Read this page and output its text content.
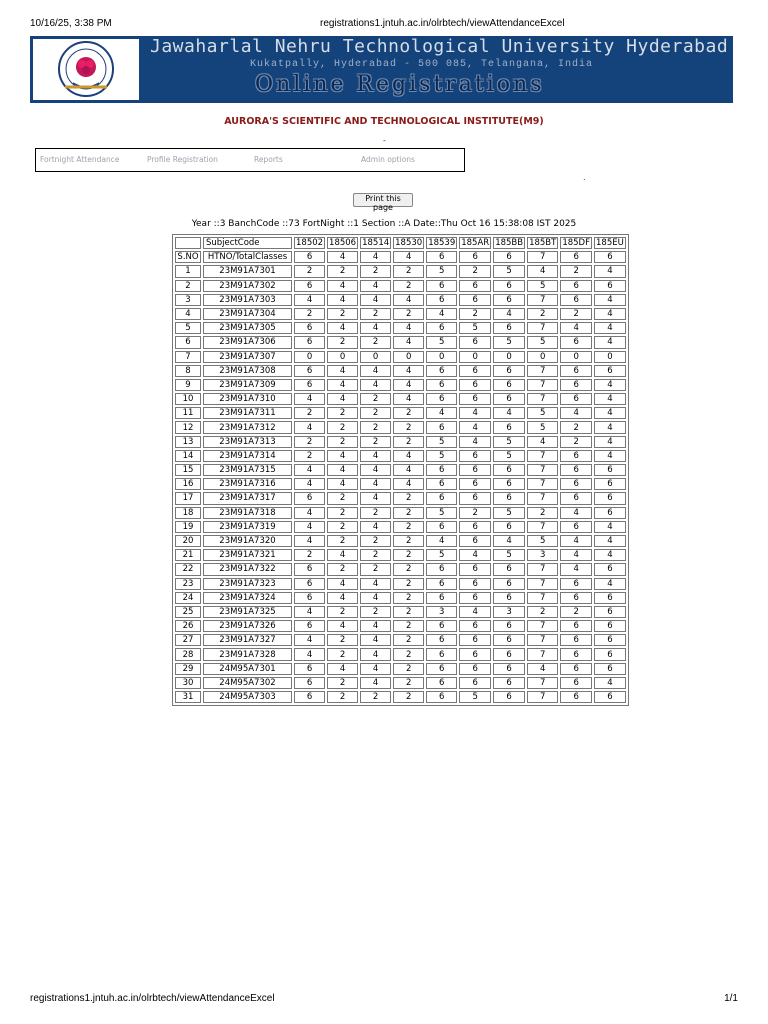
10/16/25, 3:38 PM	registrations1.jntuh.ac.in/olrbtech/viewAttendanceExcel
Jawaharlal Nehru Technological University Hyderabad
Kukatpally, Hyderabad - 500 085, Telangana, India
Online Registrations
AURORA'S SCIENTIFIC AND TECHNOLOGICAL INSTITUTE(M9)
-
.
Fortnight Attendance	Profile Registration	Reports	Admin options
Print this page
Year ::3 BanchCode ::73 FortNight ::1 Section ::A Date::Thu Oct 16 15:38:08 IST 2025
	SubjectCode	18502	18506	18514	18530	18539	185AR	185BB	185BT	185DF	185EU
S.NO	HTNO/TotalClasses	6	4	4	4	6	6	6	7	6	6
1	23M91A7301	2	2	2	2	5	2	5	4	2	4
2	23M91A7302	6	4	4	2	6	6	6	5	6	6
3	23M91A7303	4	4	4	4	6	6	6	7	6	4
4	23M91A7304	2	2	2	2	4	2	4	2	2	4
5	23M91A7305	6	4	4	4	6	5	6	7	4	4
6	23M91A7306	6	2	2	4	5	6	5	5	6	4
7	23M91A7307	0	0	0	0	0	0	0	0	0	0
8	23M91A7308	6	4	4	4	6	6	6	7	6	6
9	23M91A7309	6	4	4	4	6	6	6	7	6	4
10	23M91A7310	4	4	2	4	6	6	6	7	6	4
11	23M91A7311	2	2	2	2	4	4	4	5	4	4
12	23M91A7312	4	2	2	2	6	4	6	5	2	4
13	23M91A7313	2	2	2	2	5	4	5	4	2	4
14	23M91A7314	2	4	4	4	5	6	5	7	6	4
15	23M91A7315	4	4	4	4	6	6	6	7	6	6
16	23M91A7316	4	4	4	4	6	6	6	7	6	6
17	23M91A7317	6	2	4	2	6	6	6	7	6	6
18	23M91A7318	4	2	2	2	5	2	5	2	4	6
19	23M91A7319	4	2	4	2	6	6	6	7	6	4
20	23M91A7320	4	2	2	2	4	6	4	5	4	4
21	23M91A7321	2	4	2	2	5	4	5	3	4	4
22	23M91A7322	6	2	2	2	6	6	6	7	4	6
23	23M91A7323	6	4	4	2	6	6	6	7	6	4
24	23M91A7324	6	4	4	2	6	6	6	7	6	6
25	23M91A7325	4	2	2	2	3	4	3	2	2	6
26	23M91A7326	6	4	4	2	6	6	6	7	6	6
27	23M91A7327	4	2	4	2	6	6	6	7	6	6
28	23M91A7328	4	2	4	2	6	6	6	7	6	6
29	24M95A7301	6	4	4	2	6	6	6	4	6	6
30	24M95A7302	6	2	4	2	6	6	6	7	6	4
31	24M95A7303	6	2	2	2	6	5	6	7	6	6
registrations1.jntuh.ac.in/olrbtech/viewAttendanceExcel	1/1
